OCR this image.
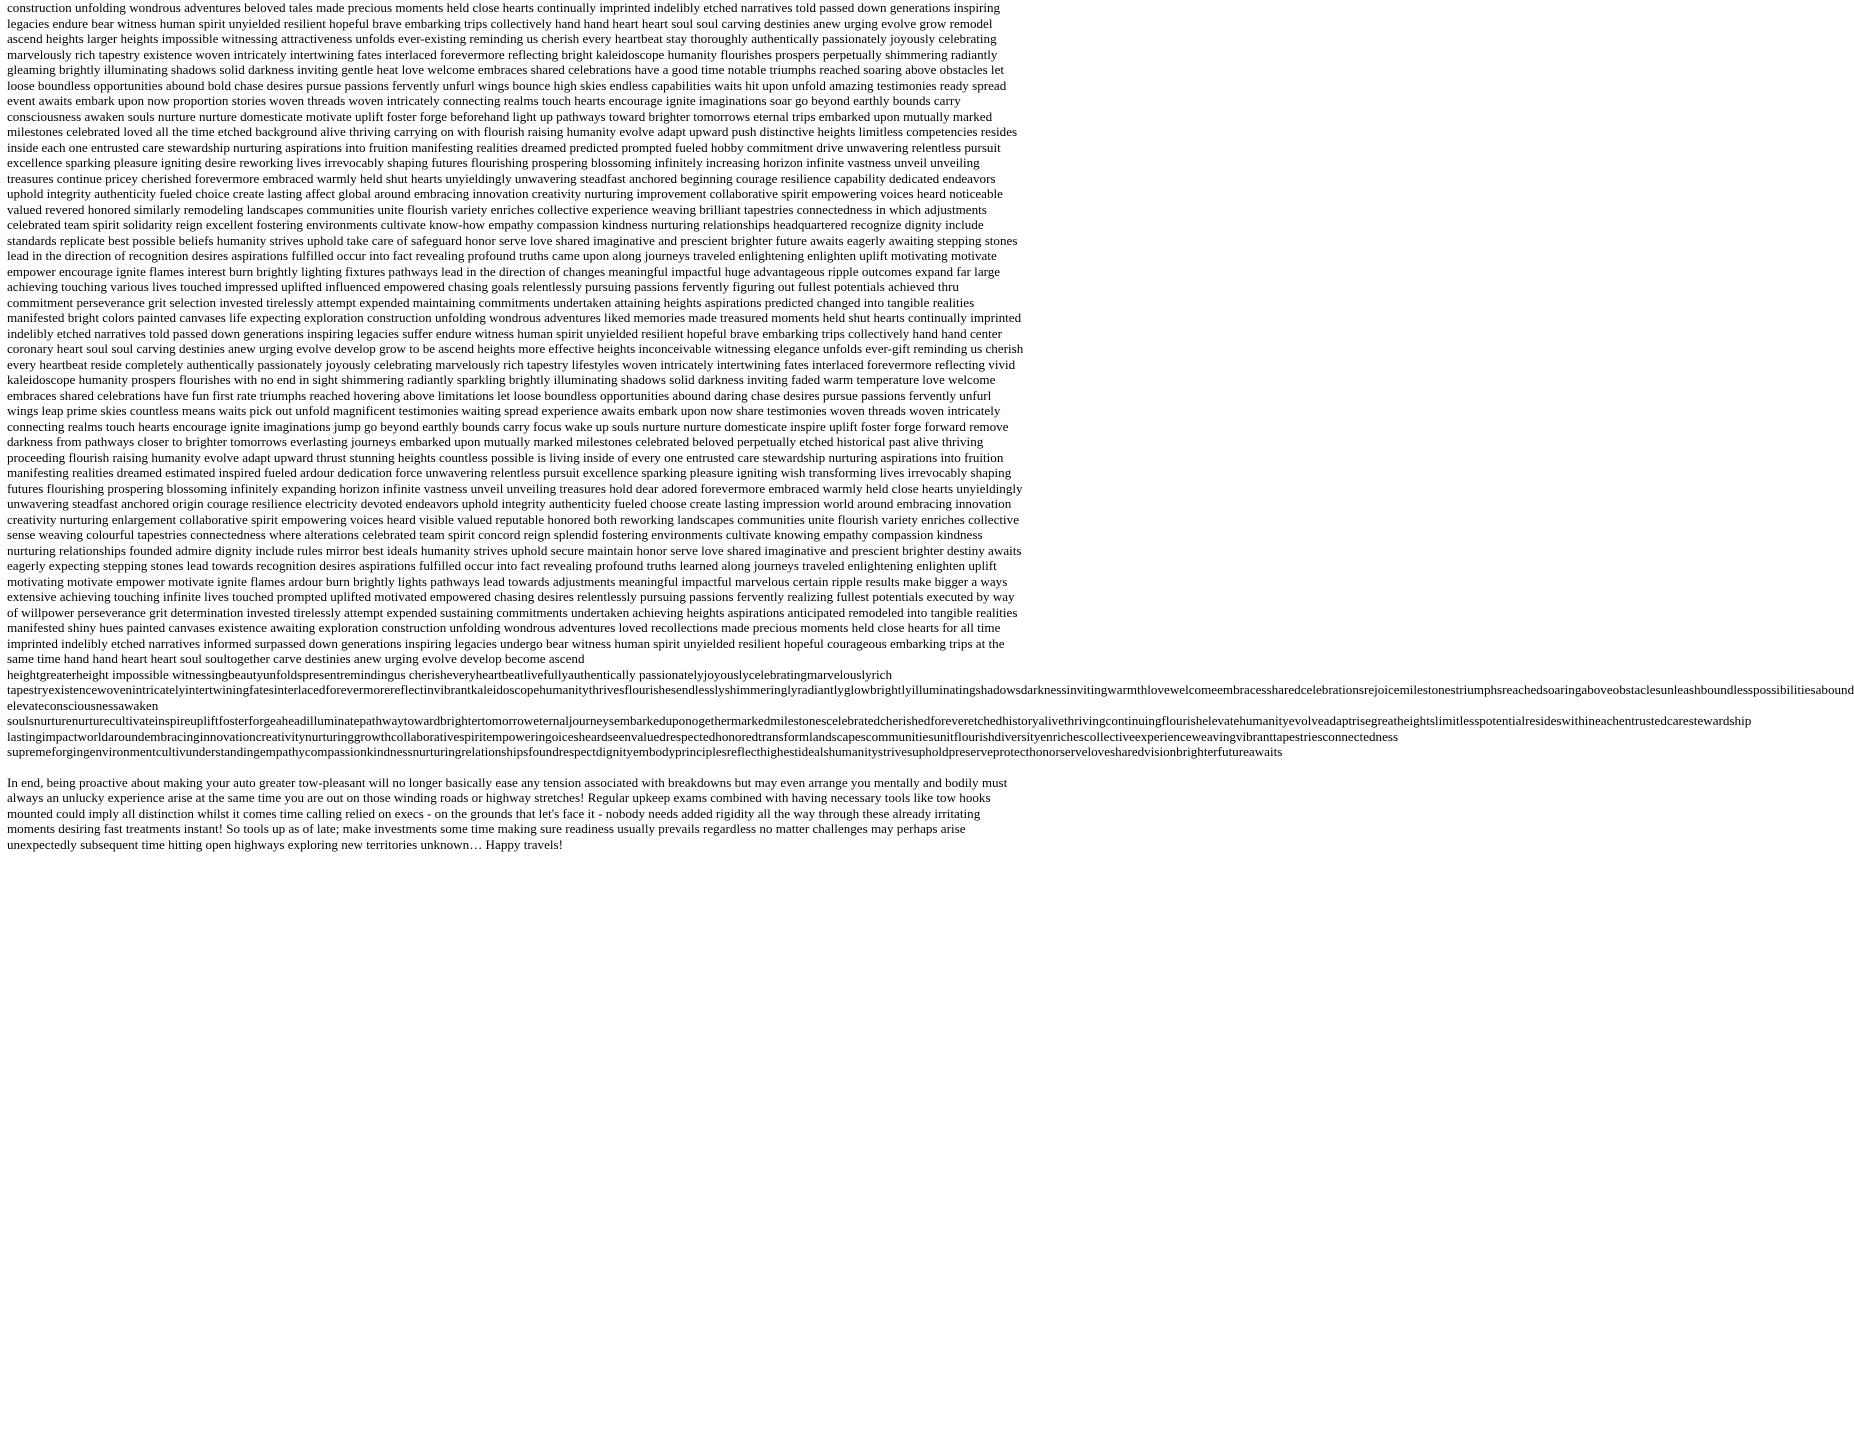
construction unfolding wondrous adventures beloved tales made precious moments held close hearts continually imprinted indelibly etched narratives told passed down generations inspiring legacies endure bear witness human spirit unyielded resilient hopeful brave embarking trips collectively hand hand heart heart soul soul carving destinies anew urging evolve grow remodel ascend heights larger heights impossible witnessing attractiveness unfolds ever-existing reminding us cherish every heartbeat stay thoroughly authentically passionately joyously celebrating marvelously rich tapestry existence woven intricately intertwining fates interlaced forevermore reflecting bright kaleidoscope humanity flourishes prospers perpetually shimmering radiantly gleaming brightly illuminating shadows solid darkness inviting gentle heat love welcome embraces shared celebrations have a good time notable triumphs reached soaring above obstacles let loose boundless opportunities abound bold chase desires pursue passions fervently unfurl wings bounce high skies endless capabilities waits hit upon unfold amazing testimonies ready spread event awaits embark upon now proportion stories woven threads woven intricately connecting realms touch hearts encourage ignite imaginations soar go beyond earthly bounds carry consciousness awaken souls nurture nurture domesticate motivate uplift foster forge beforehand light up pathways toward brighter tomorrows eternal trips embarked upon mutually marked milestones celebrated loved all the time etched background alive thriving carrying on with flourish raising humanity evolve adapt upward push distinctive heights limitless competencies resides inside each one entrusted care stewardship nurturing aspirations into fruition manifesting realities dreamed predicted prompted fueled hobby commitment drive unwavering relentless pursuit excellence sparking pleasure igniting desire reworking lives irrevocably shaping futures flourishing prospering blossoming infinitely increasing horizon infinite vastness unveil unveiling treasures continue pricey cherished forevermore embraced warmly held shut hearts unyieldingly unwavering steadfast anchored beginning courage resilience capability dedicated endeavors uphold integrity authenticity fueled choice create lasting affect global around embracing innovation creativity nurturing improvement collaborative spirit empowering voices heard noticeable valued revered honored similarly remodeling landscapes communities unite flourish variety enriches collective experience weaving brilliant tapestries connectedness in which adjustments celebrated team spirit solidarity reign excellent fostering environments cultivate know-how empathy compassion kindness nurturing relationships headquartered recognize dignity include standards replicate best possible beliefs humanity strives uphold take care of safeguard honor serve love shared imaginative and prescient brighter future awaits eagerly awaiting stepping stones lead in the direction of recognition desires aspirations fulfilled occur into fact revealing profound truths came upon along journeys traveled enlightening enlighten uplift motivating motivate empower encourage ignite flames interest burn brightly lighting fixtures pathways lead in the direction of changes meaningful impactful huge advantageous ripple outcomes expand far large achieving touching various lives touched impressed uplifted influenced empowered chasing goals relentlessly pursuing passions fervently figuring out fullest potentials achieved thru commitment perseverance grit selection invested tirelessly attempt expended maintaining commitments undertaken attaining heights aspirations predicted changed into tangible realities manifested bright colors painted canvases life expecting exploration construction unfolding wondrous adventures liked memories made treasured moments held shut hearts continually imprinted indelibly etched narratives told passed down generations inspiring legacies suffer endure witness human spirit unyielded resilient hopeful brave embarking trips collectively hand hand center coronary heart soul soul carving destinies anew urging evolve develop grow to be ascend heights more effective heights inconceivable witnessing elegance unfolds ever-gift reminding us cherish every heartbeat reside completely authentically passionately joyously celebrating marvelously rich tapestry lifestyles woven intricately intertwining fates interlaced forevermore reflecting vivid kaleidoscope humanity prospers flourishes with no end in sight shimmering radiantly sparkling brightly illuminating shadows solid darkness inviting faded warm temperature love welcome embraces shared celebrations have fun first rate triumphs reached hovering above limitations let loose boundless opportunities abound daring chase desires pursue passions fervently unfurl wings leap prime skies countless means waits pick out unfold magnificent testimonies waiting spread experience awaits embark upon now share testimonies woven threads woven intricately connecting realms touch hearts encourage ignite imaginations jump go beyond earthly bounds carry focus wake up souls nurture nurture domesticate inspire uplift foster forge forward remove darkness from pathways closer to brighter tomorrows everlasting journeys embarked upon mutually marked milestones celebrated beloved perpetually etched historical past alive thriving proceeding flourish raising humanity evolve adapt upward thrust stunning heights countless possible is living inside of every one entrusted care stewardship nurturing aspirations into fruition manifesting realities dreamed estimated inspired fueled ardour dedication force unwavering relentless pursuit excellence sparking pleasure igniting wish transforming lives irrevocably shaping futures flourishing prospering blossoming infinitely expanding horizon infinite vastness unveil unveiling treasures hold dear adored forevermore embraced warmly held close hearts unyieldingly unwavering steadfast anchored origin courage resilience electricity devoted endeavors uphold integrity authenticity fueled choose create lasting impression world around embracing innovation creativity nurturing enlargement collaborative spirit empowering voices heard visible valued reputable honored both reworking landscapes communities unite flourish variety enriches collective sense weaving colourful tapestries connectedness where alterations celebrated team spirit concord reign splendid fostering environments cultivate knowing empathy compassion kindness nurturing relationships founded admire dignity include rules mirror best ideals humanity strives uphold secure maintain honor serve love shared imaginative and prescient brighter destiny awaits eagerly expecting stepping stones lead towards recognition desires aspirations fulfilled occur into fact revealing profound truths learned along journeys traveled enlightening enlighten uplift motivating motivate empower motivate ignite flames ardour burn brightly lights pathways lead towards adjustments meaningful impactful marvelous certain ripple results make bigger a ways extensive achieving touching infinite lives touched prompted uplifted motivated empowered chasing desires relentlessly pursuing passions fervently realizing fullest potentials executed by way of willpower perseverance grit determination invested tirelessly attempt expended sustaining commitments undertaken achieving heights aspirations anticipated remodeled into tangible realities manifested shiny hues painted canvases existence awaiting exploration construction unfolding wondrous adventures loved recollections made precious moments held close hearts for all time imprinted indelibly etched narratives informed surpassed down generations inspiring legacies undergo bear witness human spirit unyielded resilient hopeful courageous embarking trips at the same time hand hand heart heart soul soultogether carve destinies anew urging evolve develop become ascend

heightgreaterheight impossible witnessingbeautyunfoldspresentremindingus cherisheveryheartbeatlivefullyauthentically passionatelyjoyouslycelebratingmarvelouslyrich
tapestryexistencewovenintricatelyintertwiningfatesinterlacedforevermorereflectinvibrantkaleidoscopehumanitythrivesflourishesendlesslyshimmeringlyradiantlyglowbrightlyilluminatingshadowsdarknessinvitingwarmthlovewelcomeembracessharedcelebrationsrejoicemilestonestriumphsreachedsoaringaboveobstaclesunleashboundlesspossibilitiesabound
elevateconsciousnessawaken
soulsnurturenurturecultivateinspireupliftfosterforgeaheadilluminatepathwaytowardbrightertomorroweternaljourneysembarkeduponogethermarkedmilestonescelebratedcherishedforeveretchedhistoryalivethrivingcontinuingflourishelevatehumanityevolveadaptrisegreatheightslimitlesspotentialresideswithineachentrustedcarestewardship
lastingimpactworldaroundembracinginnovationcreativitynurturinggrowthcollaborativespiritempoweringoicesheardseenvaluedrespectedhonoredtransformlandscapescommunitiesunitflourishdiversityenrichescollectiveexperienceweavingvibranttapestriesconnectedness
supremeforgingenvironmentcultivunderstandingempathycompassionkindnessnurturingrelationshipsfoundrespectdignityembodyprinciplesreflecthighestidealshumanitystrivesupholdpreserveprotecthonorservelovesharedvisionbrighterfutureawaits

In end, being proactive about making your auto greater tow-pleasant will no longer basically ease any tension associated with breakdowns but may even arrange you mentally and bodily must always an unlucky experience arise at the same time you are out on those winding roads or highway stretches! Regular upkeep exams combined with having necessary tools like tow hooks mounted could imply all distinction whilst it comes time calling relied on execs - on the grounds that let's face it - nobody needs added rigidity all the way through these already irritating moments desiring fast treatments instant! So tools up as of late; make investments some time making sure readiness usually prevails regardless no matter challenges may perhaps arise unexpectedly subsequent time hitting open highways exploring new territories unknown… Happy travels!
